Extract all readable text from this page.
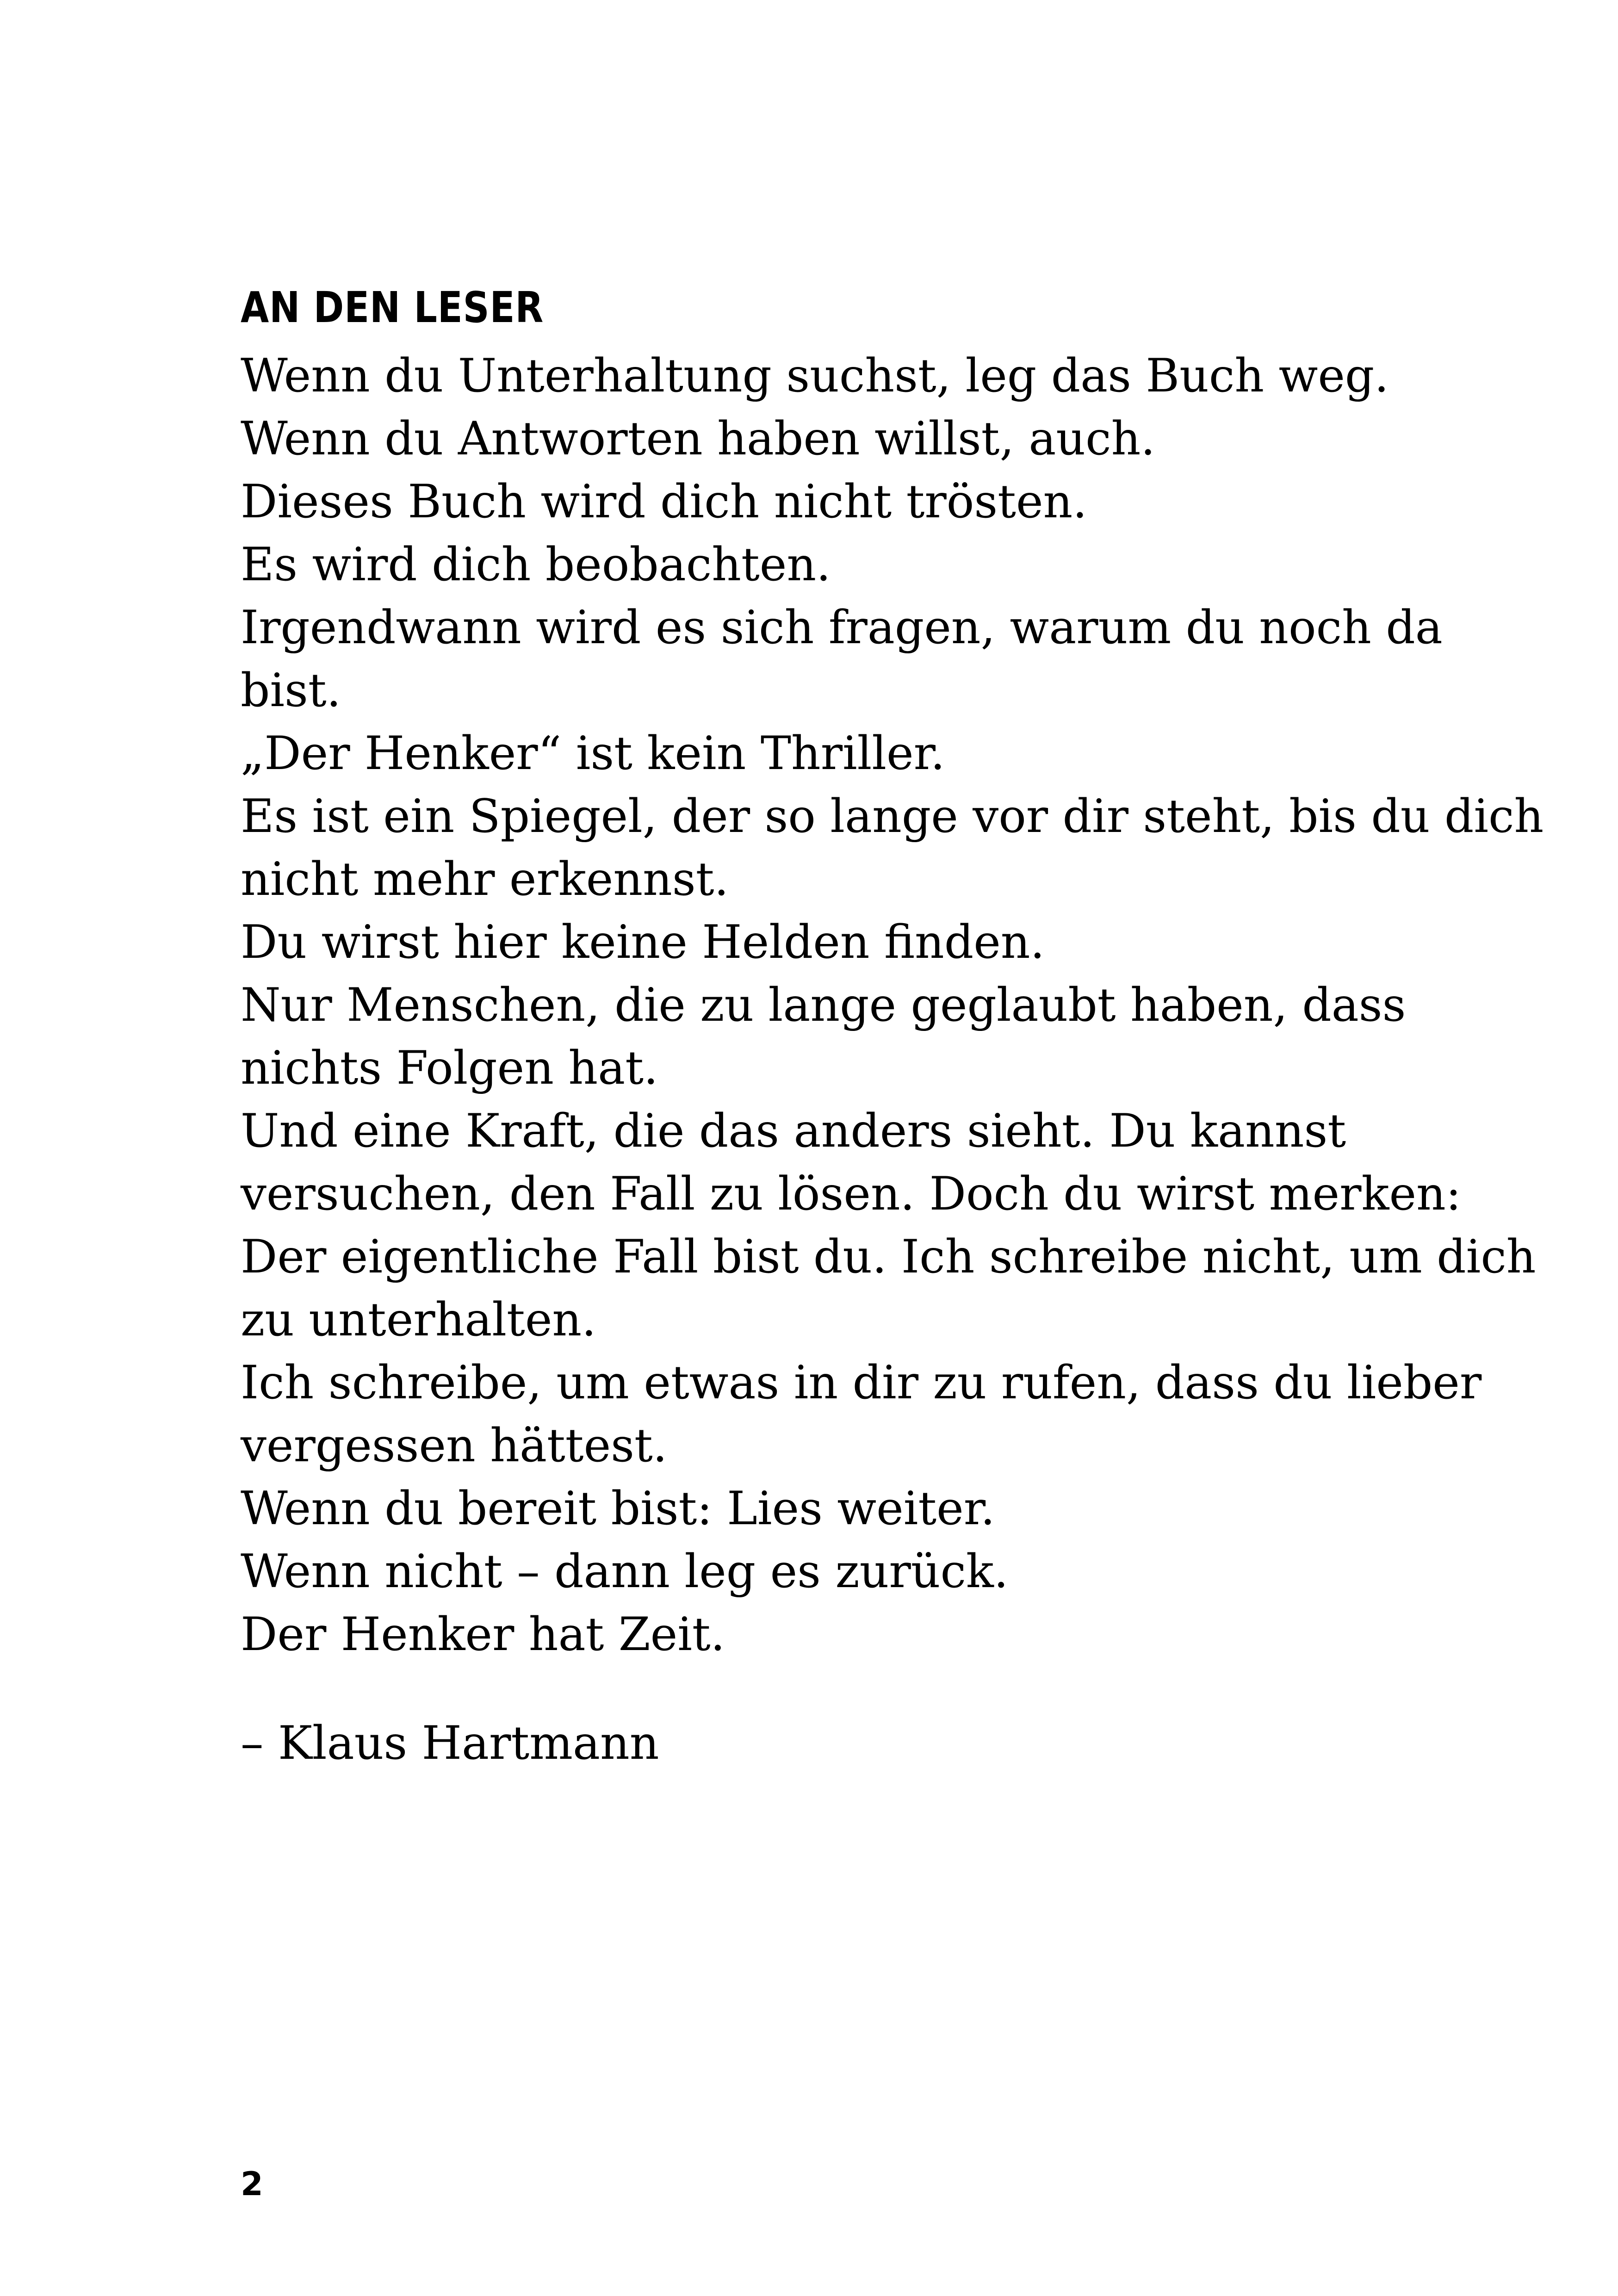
AN DEN LESER
Wenn du Unterhaltung suchst, leg das Buch weg.
Wenn du Antworten haben willst, auch.
Dieses Buch wird dich nicht trösten.
Es wird dich beobachten.
Irgendwann wird es sich fragen, warum du noch da
bist.
„Der Henker“ ist kein Thriller.
Es ist ein Spiegel, der so lange vor dir steht, bis du dich
nicht mehr erkennst.
Du wirst hier keine Helden finden.
Nur Menschen, die zu lange geglaubt haben, dass
nichts Folgen hat.
Und eine Kraft, die das anders sieht. Du kannst
versuchen, den Fall zu lösen. Doch du wirst merken:
Der eigentliche Fall bist du. Ich schreibe nicht, um dich
zu unterhalten.
Ich schreibe, um etwas in dir zu rufen, dass du lieber
vergessen hättest.
Wenn du bereit bist: Lies weiter.
Wenn nicht – dann leg es zurück.
Der Henker hat Zeit.
– Klaus Hartmann
2
